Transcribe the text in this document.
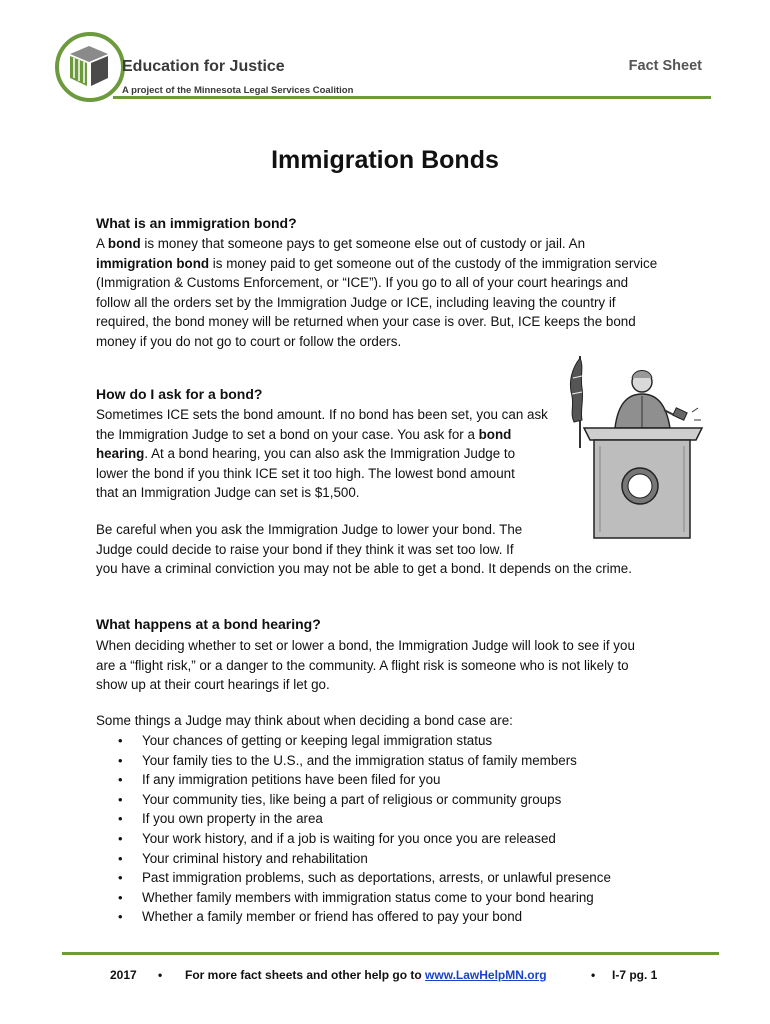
Education for Justice
A project of the Minnesota Legal Services Coalition
Fact Sheet
Immigration Bonds
What is an immigration bond?
A bond is money that someone pays to get someone else out of custody or jail. An
immigration bond is money paid to get someone out of the custody of the immigration service
(Immigration & Customs Enforcement, or “ICE”). If you go to all of your court hearings and
follow all the orders set by the Immigration Judge or ICE, including leaving the country if
required, the bond money will be returned when your case is over. But, ICE keeps the bond
money if you do not go to court or follow the orders.
How do I ask for a bond?
Sometimes ICE sets the bond amount. If no bond has been set, you can ask
the Immigration Judge to set a bond on your case. You ask for a bond
hearing. At a bond hearing, you can also ask the Immigration Judge to
lower the bond if you think ICE set it too high. The lowest bond amount
that an Immigration Judge can set is $1,500.
Be careful when you ask the Immigration Judge to lower your bond. The
Judge could decide to raise your bond if they think it was set too low. If
you have a criminal conviction you may not be able to get a bond. It depends on the crime.
What happens at a bond hearing?
When deciding whether to set or lower a bond, the Immigration Judge will look to see if you
are a “flight risk,” or a danger to the community. A flight risk is someone who is not likely to
show up at their court hearings if let go.
Some things a Judge may think about when deciding a bond case are:
• Your chances of getting or keeping legal immigration status
• Your family ties to the U.S., and the immigration status of family members
• If any immigration petitions have been filed for you
• Your community ties, like being a part of religious or community groups
• If you own property in the area
• Your work history, and if a job is waiting for you once you are released
• Your criminal history and rehabilitation
• Past immigration problems, such as deportations, arrests, or unlawful presence
• Whether family members with immigration status come to your bond hearing
• Whether a family member or friend has offered to pay your bond
2017 • For more fact sheets and other help go to www.LawHelpMN.org	• I-7 pg. 1
